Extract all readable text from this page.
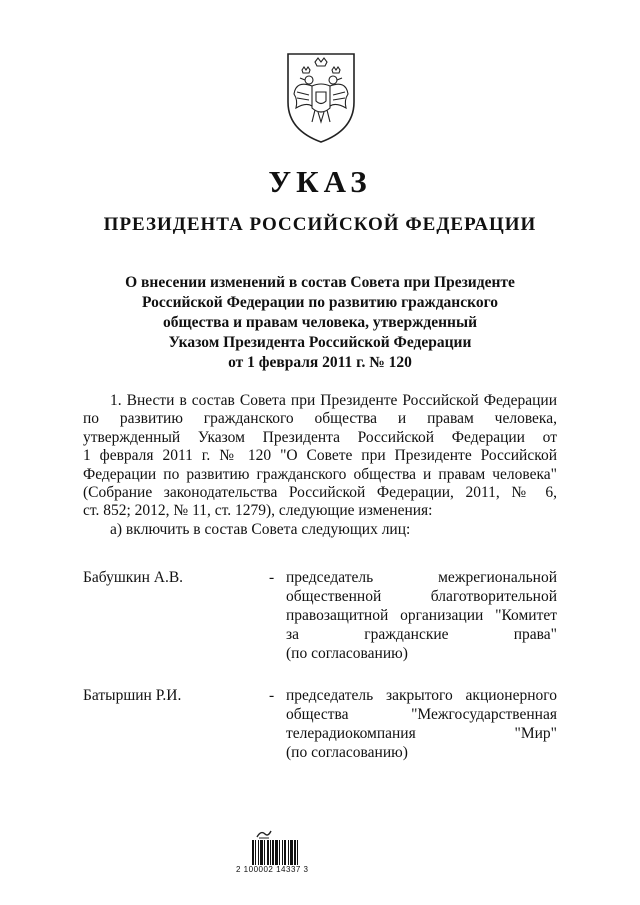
УКАЗ
ПРЕЗИДЕНТА РОССИЙСКОЙ ФЕДЕРАЦИИ
О внесении изменений в состав Совета при Президенте
Российской Федерации по развитию гражданского
общества и правам человека, утвержденный
Указом Президента Российской Федерации
от 1 февраля 2011 г. № 120
1. Внести в состав Совета при Президенте Российской Федерации
по развитию гражданского общества и правам человека,
утвержденный Указом Президента Российской Федерации от
1 февраля 2011 г. № 120 "О Совете при Президенте Российской
Федерации по развитию гражданского общества и правам человека"
(Собрание законодательства Российской Федерации, 2011, № 6,
ст. 852; 2012, № 11, ст. 1279), следующие изменения:
а) включить в состав Совета следующих лиц:
Бабушкин А.В.	- председатель межрегиональной
общественной благотворительной
правозащитной организации "Комитет
за гражданские права"
(по согласованию)
Батыршин Р.И.	- председатель закрытого акционерного
общества "Межгосударственная
телерадиокомпания "Мир"
(по согласованию)
2 100002 14337 3
